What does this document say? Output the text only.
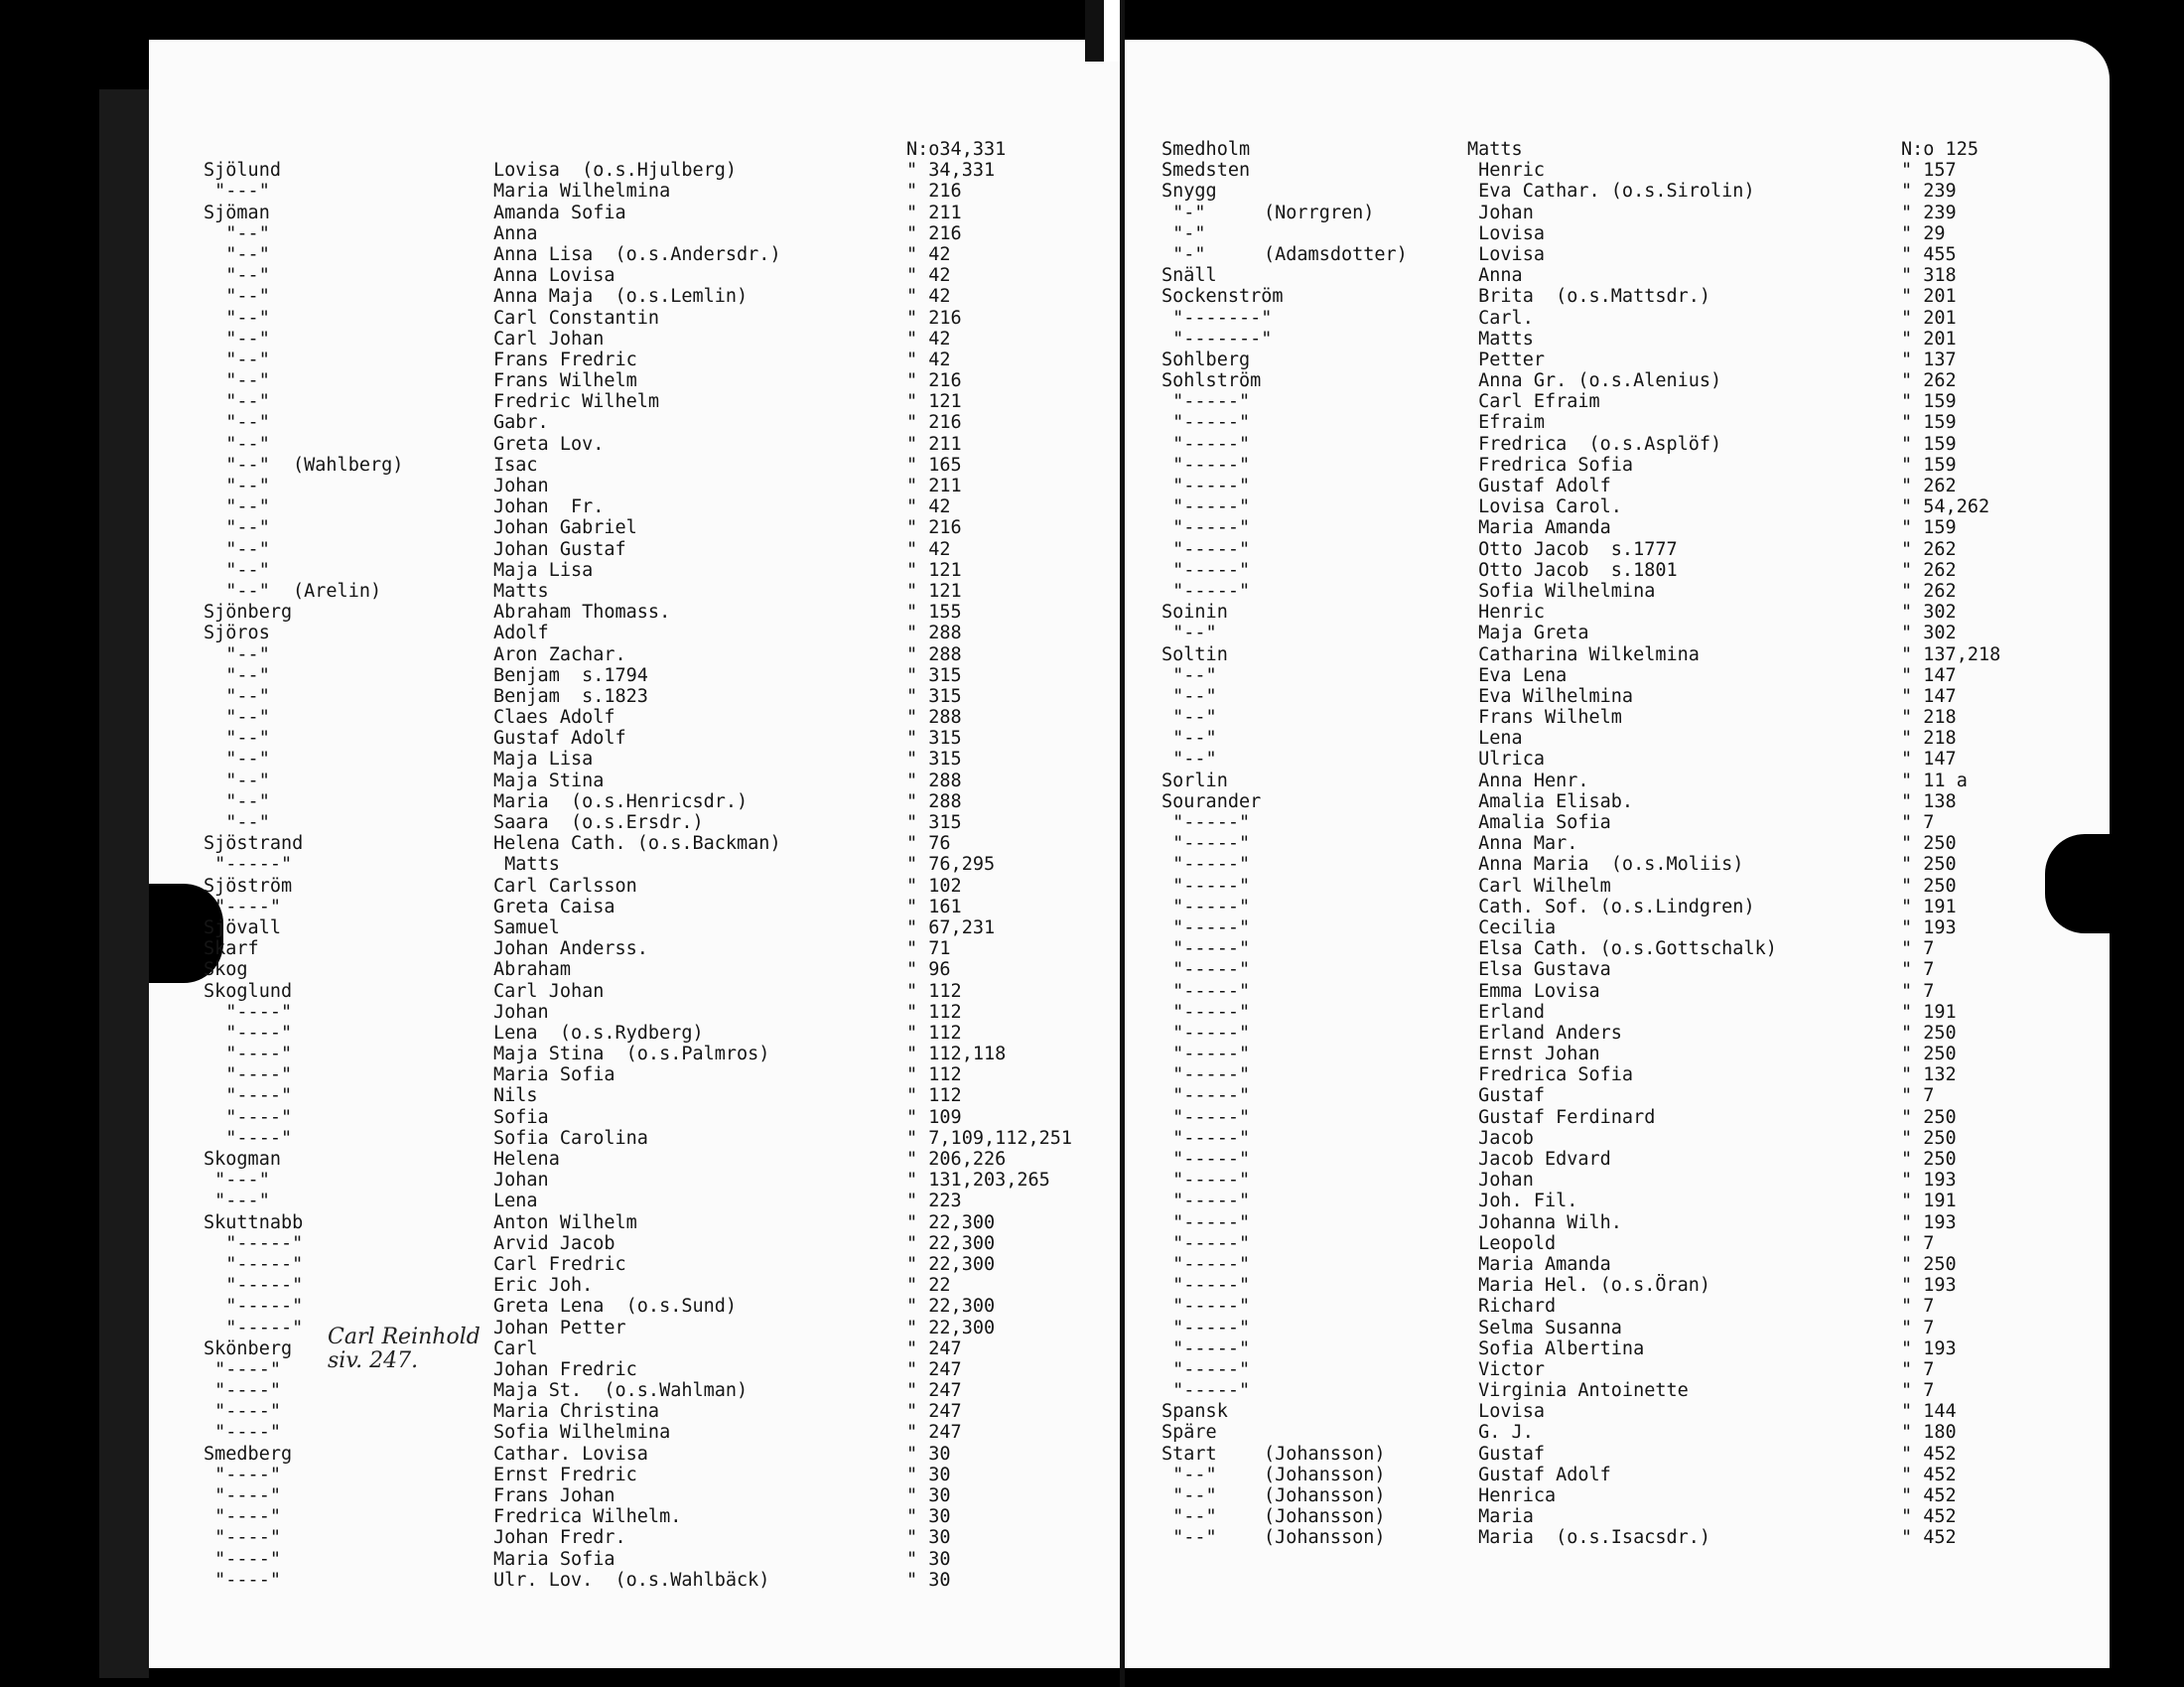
N:o34,331
Sjölund	Lovisa  (o.s.Hjulberg)	" 34,331
"---"	Maria Wilhelmina	" 216
Sjöman	Amanda Sofia	" 211
"--"	Anna	" 216
"--"	Anna Lisa  (o.s.Andersdr.)	" 42
"--"	Anna Lovisa	" 42
"--"	Anna Maja  (o.s.Lemlin)	" 42
"--"	Carl Constantin	" 216
"--"	Carl Johan	" 42
"--"	Frans Fredric	" 42
"--"	Frans Wilhelm	" 216
"--"	Fredric Wilhelm	" 121
"--"	Gabr.	" 216
"--"	Greta Lov.	" 211
"--" (Wahlberg)	Isac	" 165
"--"	Johan	" 211
"--"	Johan  Fr.	" 42
"--"	Johan Gabriel	" 216
"--"	Johan Gustaf	" 42
"--"	Maja Lisa	" 121
"--" (Arelin)	Matts	" 121
Sjönberg	Abraham Thomass.	" 155
Sjöros	Adolf	" 288
"--"	Aron Zachar.	" 288
"--"	Benjam  s.1794	" 315
"--"	Benjam  s.1823	" 315
"--"	Claes Adolf	" 288
"--"	Gustaf Adolf	" 315
"--"	Maja Lisa	" 315
"--"	Maja Stina	" 288
"--"	Maria  (o.s.Henricsdr.)	" 288
"--"	Saara  (o.s.Ersdr.)	" 315
Sjöstrand	Helena Cath. (o.s.Backman)	" 76
"-----"	Matts	" 76,295
Sjöström	Carl Carlsson	" 102
"----"	Greta Caisa	" 161
Sjövall	Samuel	" 67,231
Skarf	Johan Anderss.	" 71
Skog	Abraham	" 96
Skoglund	Carl Johan	" 112
"----"	Johan	" 112
"----"	Lena  (o.s.Rydberg)	" 112
"----"	Maja Stina  (o.s.Palmros)	" 112,118
"----"	Maria Sofia	" 112
"----"	Nils	" 112
"----"	Sofia	" 109
"----"	Sofia Carolina	" 7,109,112,251
Skogman	Helena	" 206,226
"---"	Johan	" 131,203,265
"---"	Lena	" 223
Skuttnabb	Anton Wilhelm	" 22,300
"-----"	Arvid Jacob	" 22,300
"-----"	Carl Fredric	" 22,300
"-----"	Eric Joh.	" 22
"-----"	Greta Lena  (o.s.Sund)	" 22,300
"-----"	Johan Petter	" 22,300
Skönberg	Carl	" 247
"----"	Johan Fredric	" 247
"----"	Maja St.  (o.s.Wahlman)	" 247
"----"	Maria Christina	" 247
"----"	Sofia Wilhelmina	" 247
Smedberg	Cathar. Lovisa	" 30
"----"	Ernst Fredric	" 30
"----"	Frans Johan	" 30
"----"	Fredrica Wilhelm.	" 30
"----"	Johan Fredr.	" 30
"----"	Maria Sofia	" 30
"----"	Ulr. Lov.  (o.s.Wahlbäck)	" 30
Smedholm	Matts	N:o 125
Smedsten	Henric	" 157
Snygg	Eva Cathar. (o.s.Sirolin)	" 239
"-"	(Norrgren)	Johan	" 239
"-"	Lovisa	" 29
"-"	(Adamsdotter)	Lovisa	" 455
Snäll	Anna	" 318
Sockenström	Brita  (o.s.Mattsdr.)	" 201
"-------"	Carl.	" 201
"-------"	Matts	" 201
Sohlberg	Petter	" 137
Sohlström	Anna Gr. (o.s.Alenius)	" 262
"-----"	Carl Efraim	" 159
"-----"	Efraim	" 159
"-----"	Fredrica  (o.s.Asplöf)	" 159
"-----"	Fredrica Sofia	" 159
"-----"	Gustaf Adolf	" 262
"-----"	Lovisa Carol.	" 54,262
"-----"	Maria Amanda	" 159
"-----"	Otto Jacob  s.1777	" 262
"-----"	Otto Jacob  s.1801	" 262
"-----"	Sofia Wilhelmina	" 262
Soinin	Henric	" 302
"--"	Maja Greta	" 302
Soltin	Catharina Wilkelmina	" 137,218
"--"	Eva Lena	" 147
"--"	Eva Wilhelmina	" 147
"--"	Frans Wilhelm	" 218
"--"	Lena	" 218
"--"	Ulrica	" 147
Sorlin	Anna Henr.	" 11 a
Sourander	Amalia Elisab.	" 138
"-----"	Amalia Sofia	" 7
"-----"	Anna Mar.	" 250
"-----"	Anna Maria  (o.s.Moliis)	" 250
"-----"	Carl Wilhelm	" 250
"-----"	Cath. Sof. (o.s.Lindgren)	" 191
"-----"	Cecilia	" 193
"-----"	Elsa Cath. (o.s.Gottschalk)	" 7
"-----"	Elsa Gustava	" 7
"-----"	Emma Lovisa	" 7
"-----"	Erland	" 191
"-----"	Erland Anders	" 250
"-----"	Ernst Johan	" 250
"-----"	Fredrica Sofia	" 132
"-----"	Gustaf	" 7
"-----"	Gustaf Ferdinard	" 250
"-----"	Jacob	" 250
"-----"	Jacob Edvard	" 250
"-----"	Johan	" 193
"-----"	Joh. Fil.	" 191
"-----"	Johanna Wilh.	" 193
"-----"	Leopold	" 7
"-----"	Maria Amanda	" 250
"-----"	Maria Hel. (o.s.Öran)	" 193
"-----"	Richard	" 7
"-----"	Selma Susanna	" 7
"-----"	Sofia Albertina	" 193
"-----"	Victor	" 7
"-----"	Virginia Antoinette	" 7
Spansk	Lovisa	" 144
Späre	G. J.	" 180
Start	(Johansson)	Gustaf	" 452
"--"	(Johansson)	Gustaf Adolf	" 452
"--"	(Johansson)	Henrica	" 452
"--"	(Johansson)	Maria	" 452
"--"	(Johansson)	Maria  (o.s.Isacsdr.)	" 452
Carl Reinhold
siv. 247.
